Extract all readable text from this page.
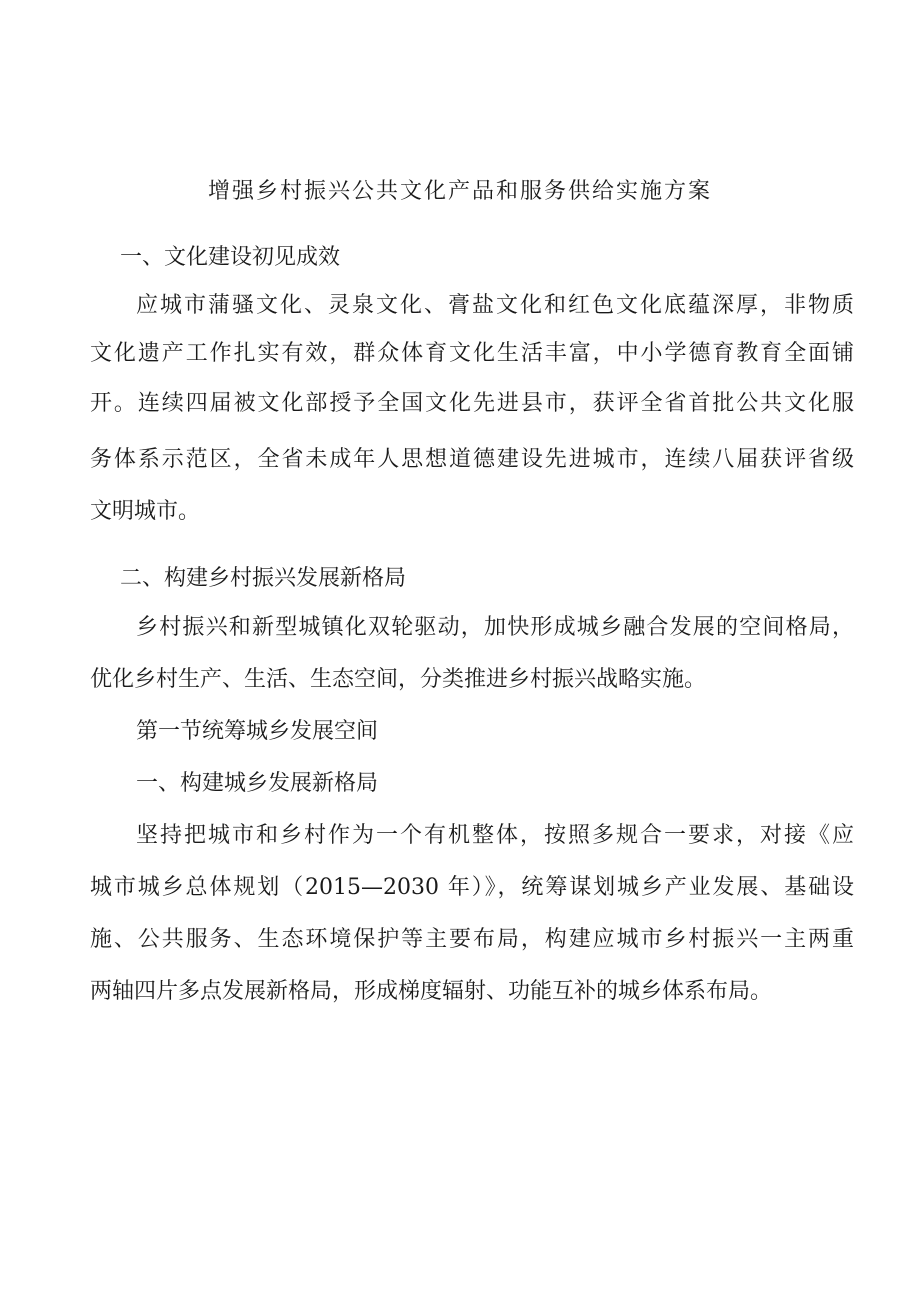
增强乡村振兴公共文化产品和服务供给实施方案

一、文化建设初见成效

应城市蒲骚文化、灵泉文化、膏盐文化和红色文化底蕴深厚，非物质

文化遗产工作扎实有效，群众体育文化生活丰富，中小学德育教育全面铺

开。连续四届被文化部授予全国文化先进县市，获评全省首批公共文化服

务体系示范区，全省未成年人思想道德建设先进城市，连续八届获评省级

文明城市。

二、构建乡村振兴发展新格局

乡村振兴和新型城镇化双轮驱动，加快形成城乡融合发展的空间格局，

优化乡村生产、生活、生态空间，分类推进乡村振兴战略实施。

第一节统筹城乡发展空间

一、构建城乡发展新格局

坚持把城市和乡村作为一个有机整体，按照多规合一要求，对接《应

城市城乡总体规划（2015—2030 年）》，统筹谋划城乡产业发展、基础设

施、公共服务、生态环境保护等主要布局，构建应城市乡村振兴一主两重

两轴四片多点发展新格局，形成梯度辐射、功能互补的城乡体系布局。
